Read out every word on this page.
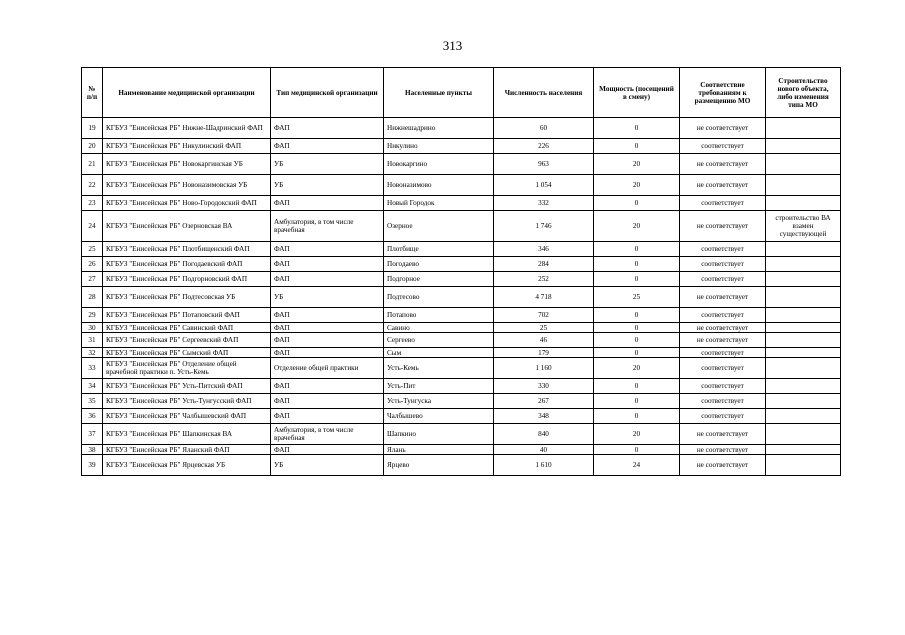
313
№ п/п	Наименование медицинской организации	Тип медицинской организации	Населенные пункты	Численность населения	Мощность (посещений в смену)	Соответствие требованиям к размещению МО	Строительство нового объекта, либо изменения типа МО
19	КГБУЗ "Енисейская РБ" Нижне-Шадринский ФАП	ФАП	Нижнешадрино	60	0	не соответствует	
20	КГБУЗ "Енисейская РБ" Никулинский ФАП	ФАП	Никулино	226	0	соответствует	
21	КГБУЗ "Енисейская РБ" Новокаргинская УБ	УБ	Новокаргино	963	20	не соответствует	
22	КГБУЗ "Енисейская РБ" Новоназимовская УБ	УБ	Новоназимово	1 054	20	не соответствует	
23	КГБУЗ "Енисейская РБ" Ново-Городокский ФАП	ФАП	Новый Городок	332	0	соответствует	
24	КГБУЗ "Енисейская РБ" Озерновская ВА	Амбулатория, в том числе врачебная	Озерное	1 746	20	не соответствует	строительство ВА взамен существующей
25	КГБУЗ "Енисейская РБ" Плотбищенский ФАП	ФАП	Плотбище	346	0	соответствует	
26	КГБУЗ "Енисейская РБ" Погодаевский ФАП	ФАП	Погодаево	284	0	соответствует	
27	КГБУЗ "Енисейская РБ" Подгорновский ФАП	ФАП	Подгорное	252	0	соответствует	
28	КГБУЗ "Енисейская РБ" Подтесовская УБ	УБ	Подтесово	4 718	25	не соответствует	
29	КГБУЗ "Енисейская РБ" Потаповский ФАП	ФАП	Потапово	702	0	соответствует	
30	КГБУЗ "Енисейская РБ" Савинский ФАП	ФАП	Савино	25	0	не соответствует	
31	КГБУЗ "Енисейская РБ" Сергеевский ФАП	ФАП	Сергеево	46	0	не соответствует	
32	КГБУЗ "Енисейская РБ" Сымский ФАП	ФАП	Сым	179	0	соответствует	
33	КГБУЗ "Енисейская РБ" Отделение общей врачебной практики п. Усть-Кемь	Отделение общей практики	Усть-Кемь	1 160	20	соответствует	
34	КГБУЗ "Енисейская РБ" Усть-Питский ФАП	ФАП	Усть-Пит	330	0	соответствует	
35	КГБУЗ "Енисейская РБ" Усть-Тунгусский ФАП	ФАП	Усть-Тунгуска	267	0	соответствует	
36	КГБУЗ "Енисейская РБ" Чалбышевский ФАП	ФАП	Чалбышево	348	0	соответствует	
37	КГБУЗ "Енисейская РБ" Шапкинская ВА	Амбулатория, в том числе врачебная	Шапкино	840	20	не соответствует	
38	КГБУЗ "Енисейская РБ" Яланский ФАП	ФАП	Ялань	40	0	не соответствует	
39	КГБУЗ "Енисейская РБ" Ярцевская УБ	УБ	Ярцево	1 610	24	не соответствует	
